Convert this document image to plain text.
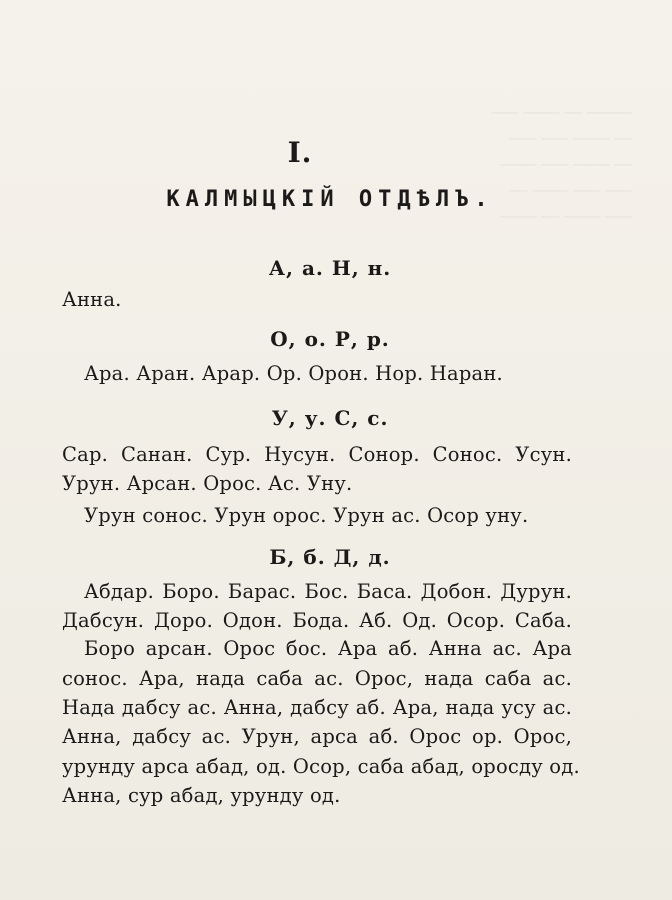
─── ──── ── ─────
─── ─── ──── ──
──── ─── ──── ──
── ──── ─── ───
──── ── ──── ───
I.
КАЛМЫЦКІЙ ОТДѢЛЪ.
А, а. Н, н.
Анна.
О, о. Р, р.
Ара. Аран. Арар. Ор. Орон. Нор. Наран.
У, у. С, с.
Сар. Санан. Сур. Нусун. Сонор. Сонос. Усун.
Урун. Арсан. Орос. Ас. Уну.
Урун сонос. Урун орос. Урун ас. Осор уну.
Б, б. Д, д.
Абдар. Боро. Барас. Бос. Баса. Добон. Дурун.
Дабсун. Доро. Одон. Бода. Аб. Од. Осор. Саба.
Боро арсан. Орос бос. Ара аб. Анна ас. Ара
сонос. Ара, нада саба ас. Орос, нада саба ас.
Нада дабсу ас. Анна, дабсу аб. Ара, нада усу ас.
Анна, дабсу ас. Урун, арса аб. Орос ор. Орос,
урунду арса абад, од. Осор, саба абад, оросду од.
Анна, сур абад, урунду од.
